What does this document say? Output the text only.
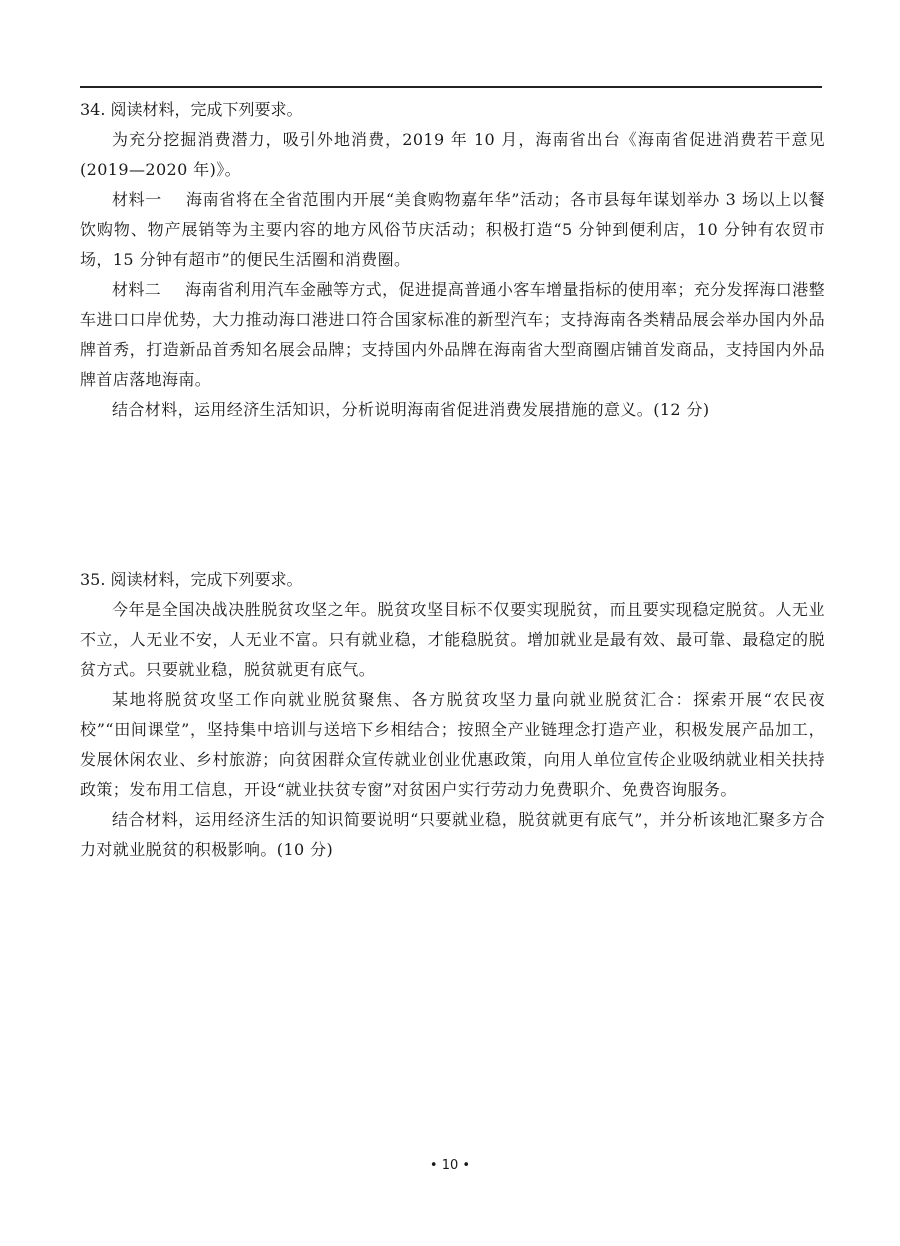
34. 阅读材料，完成下列要求。

为充分挖掘消费潜力，吸引外地消费，2019 年 10 月，海南省出台《海南省促进消费若干意见(2019—2020 年)》。

材料一 海南省将在全省范围内开展“美食购物嘉年华”活动；各市县每年谋划举办 3 场以上以餐饮购物、物产展销等为主要内容的地方风俗节庆活动；积极打造“5 分钟到便利店，10 分钟有农贸市场，15 分钟有超市”的便民生活圈和消费圈。

材料二 海南省利用汽车金融等方式，促进提高普通小客车增量指标的使用率；充分发挥海口港整车进口口岸优势，大力推动海口港进口符合国家标准的新型汽车；支持海南各类精品展会举办国内外品牌首秀，打造新品首秀知名展会品牌；支持国内外品牌在海南省大型商圈店铺首发商品，支持国内外品牌首店落地海南。

结合材料，运用经济生活知识，分析说明海南省促进消费发展措施的意义。(12 分)

35. 阅读材料，完成下列要求。

今年是全国决战决胜脱贫攻坚之年。脱贫攻坚目标不仅要实现脱贫，而且要实现稳定脱贫。人无业不立，人无业不安，人无业不富。只有就业稳，才能稳脱贫。增加就业是最有效、最可靠、最稳定的脱贫方式。只要就业稳，脱贫就更有底气。

某地将脱贫攻坚工作向就业脱贫聚焦、各方脱贫攻坚力量向就业脱贫汇合：探索开展“农民夜校”“田间课堂”，坚持集中培训与送培下乡相结合；按照全产业链理念打造产业，积极发展产品加工，发展休闲农业、乡村旅游；向贫困群众宣传就业创业优惠政策，向用人单位宣传企业吸纳就业相关扶持政策；发布用工信息，开设“就业扶贫专窗”对贫困户实行劳动力免费职介、免费咨询服务。

结合材料，运用经济生活的知识简要说明“只要就业稳，脱贫就更有底气”，并分析该地汇聚多方合力对就业脱贫的积极影响。(10 分)

• 10 •
